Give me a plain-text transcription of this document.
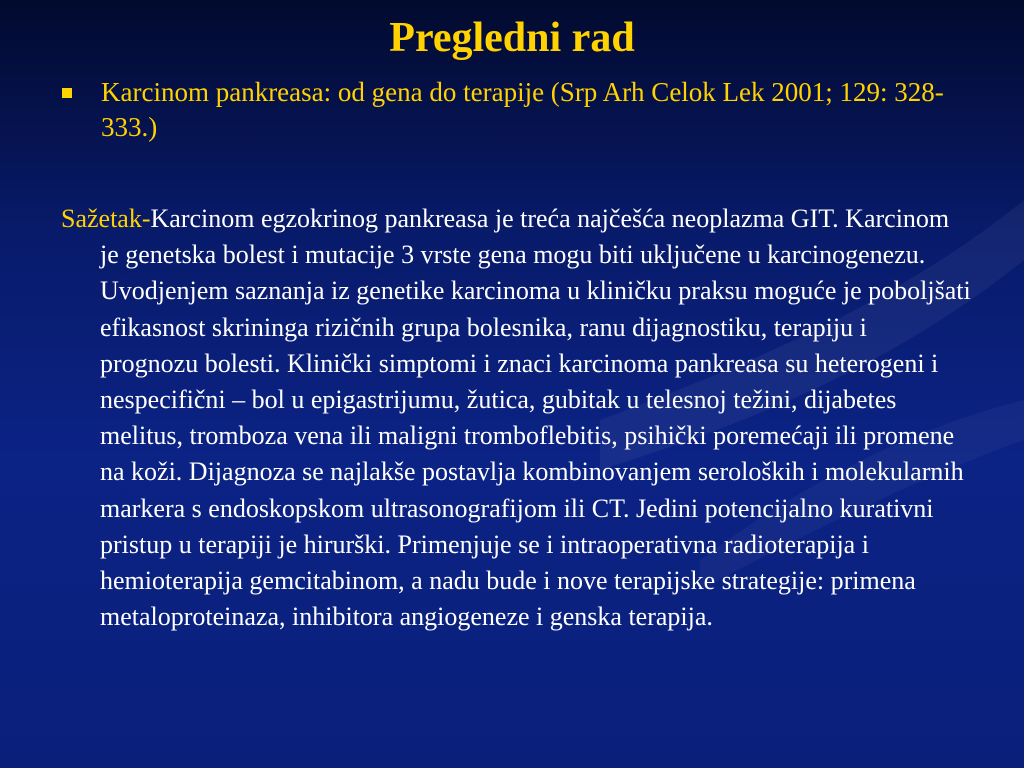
Pregledni rad
Karcinom pankreasa: od gena do terapije (Srp Arh Celok Lek 2001; 129: 328-333.)

Sažetak-Karcinom egzokrinog pankreasa je treća najčešća neoplazma GIT. Karcinom je genetska bolest i mutacije 3 vrste gena mogu biti uključene u karcinogenezu. Uvodjenjem saznanja iz genetike karcinoma u kliničku praksu moguće je poboljšati efikasnost skrininga rizičnih grupa bolesnika, ranu dijagnostiku, terapiju i prognozu bolesti. Klinički simptomi i znaci karcinoma pankreasa su heterogeni i nespecifični – bol u epigastrijumu, žutica, gubitak u telesnoj težini, dijabetes melitus, tromboza vena ili maligni tromboflebitis, psihički poremećaji ili promene na koži. Dijagnoza se najlakše postavlja kombinovanjem seroloških i molekularnih markera s endoskopskom ultrasonografijom ili CT. Jedini potencijalno kurativni pristup u terapiji je hirurški. Primenjuje se i intraoperativna radioterapija i hemioterapija gemcitabinom, a nadu bude i nove terapijske strategije: primena metaloproteinaza, inhibitora angiogeneze i genska terapija.
